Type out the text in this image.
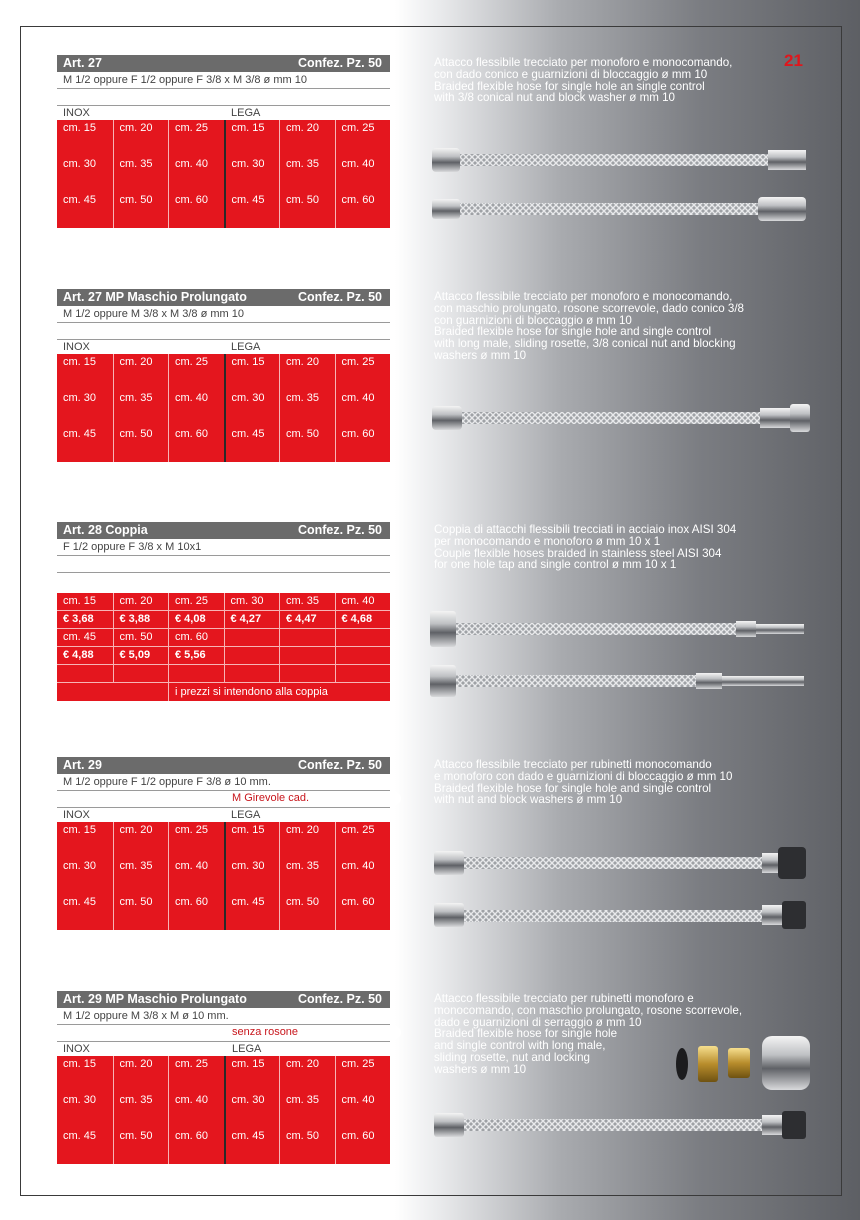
21
Art. 27	Confez. Pz. 50
M 1/2 oppure F 1/2 oppure F 3/8 x M 3/8 ø mm 10
INOX	LEGA
cm. 15	cm. 20	cm. 25	cm. 15	cm. 20	cm. 25
cm. 30	cm. 35	cm. 40	cm. 30	cm. 35	cm. 40
cm. 45	cm. 50	cm. 60	cm. 45	cm. 50	cm. 60
Attacco flessibile trecciato per monoforo e monocomando,
con dado conico e guarnizioni di bloccaggio ø mm 10
Braided flexible hose for single hole an single control
with 3/8 conical nut and block washer ø mm 10
Art. 27 MP Maschio Prolungato	Confez. Pz. 50
M 1/2 oppure M 3/8 x M 3/8 ø mm 10
INOX	LEGA
cm. 15	cm. 20	cm. 25	cm. 15	cm. 20	cm. 25
cm. 30	cm. 35	cm. 40	cm. 30	cm. 35	cm. 40
cm. 45	cm. 50	cm. 60	cm. 45	cm. 50	cm. 60
Attacco flessibile trecciato per monoforo e monocomando,
con maschio prolungato, rosone scorrevole, dado conico 3/8
con guarnizioni di bloccaggio ø mm 10
Braided flexible hose for single hole and single control
with long male, sliding rosette, 3/8 conical nut and blocking
washers ø mm 10
Art. 28 Coppia	Confez. Pz. 50
F 1/2 oppure F 3/8 x M 10x1
cm. 15	cm. 20	cm. 25	cm. 30	cm. 35	cm. 40
€ 3,68	€ 3,88	€ 4,08	€ 4,27	€ 4,47	€ 4,68
cm. 45	cm. 50	cm. 60
€ 4,88	€ 5,09	€ 5,56
i prezzi si intendono alla coppia
Coppia di attacchi flessibili trecciati in acciaio inox AISI 304
per monocomando e monoforo ø mm 10 x 1
Couple flexible hoses braided in stainless steel AISI 304
for one hole tap and single control ø mm 10 x 1
Art. 29	Confez. Pz. 50
M 1/2 oppure F 1/2 oppure F 3/8 ø 10 mm.
M Girevole cad.
INOX	LEGA
cm. 15	cm. 20	cm. 25	cm. 15	cm. 20	cm. 25
cm. 30	cm. 35	cm. 40	cm. 30	cm. 35	cm. 40
cm. 45	cm. 50	cm. 60	cm. 45	cm. 50	cm. 60
Attacco flessibile trecciato per rubinetti monocomando
e monoforo con dado e guarnizioni di bloccaggio ø mm 10
Braided flexible hose for single hole and single control
with nut and block washers ø mm 10
Art. 29 MP Maschio Prolungato	Confez. Pz. 50
M 1/2 oppure M 3/8 x M ø 10 mm.
senza rosone
INOX	LEGA
cm. 15	cm. 20	cm. 25	cm. 15	cm. 20	cm. 25
cm. 30	cm. 35	cm. 40	cm. 30	cm. 35	cm. 40
cm. 45	cm. 50	cm. 60	cm. 45	cm. 50	cm. 60
Attacco flessibile trecciato per rubinetti monoforo e
monocomando, con maschio prolungato, rosone scorrevole,
dado e guarnizioni di serraggio ø mm 10
Braided flexible hose for single hole
and single control with long male,
sliding rosette, nut and locking
washers ø mm 10
